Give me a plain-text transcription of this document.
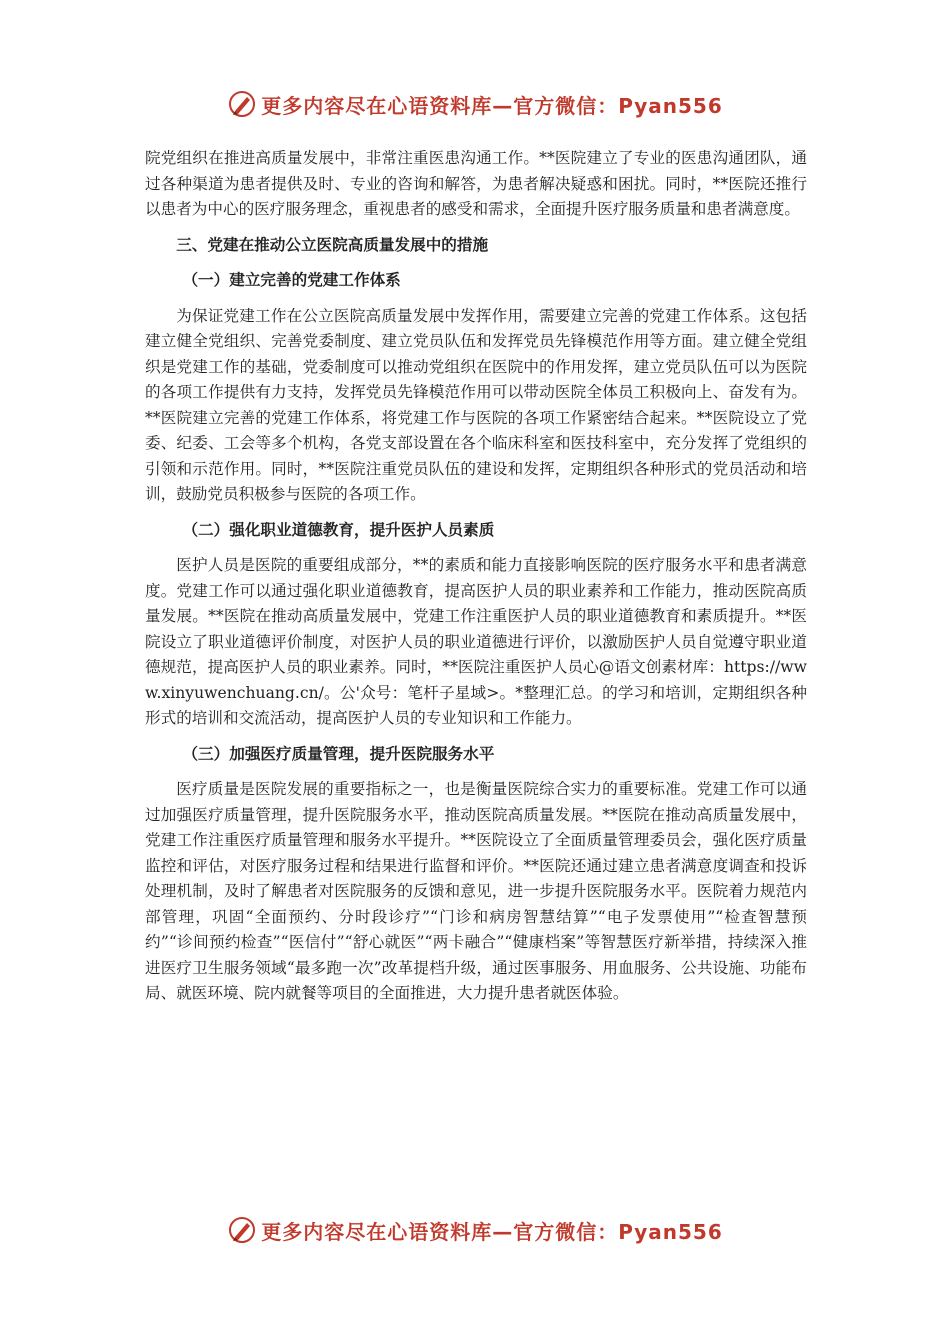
更多内容尽在心语资料库—官方微信：Pyan556

院党组织在推进高质量发展中，非常注重医患沟通工作。**医院建立了专业的医患沟通团队，通过各种渠道为患者提供及时、专业的咨询和解答，为患者解决疑惑和困扰。同时，**医院还推行以患者为中心的医疗服务理念，重视患者的感受和需求，全面提升医疗服务质量和患者满意度。

三、党建在推动公立医院高质量发展中的措施
（一）建立完善的党建工作体系

为保证党建工作在公立医院高质量发展中发挥作用，需要建立完善的党建工作体系。这包括建立健全党组织、完善党委制度、建立党员队伍和发挥党员先锋模范作用等方面。建立健全党组织是党建工作的基础，党委制度可以推动党组织在医院中的作用发挥，建立党员队伍可以为医院的各项工作提供有力支持，发挥党员先锋模范作用可以带动医院全体员工积极向上、奋发有为。**医院建立完善的党建工作体系，将党建工作与医院的各项工作紧密结合起来。**医院设立了党委、纪委、工会等多个机构，各党支部设置在各个临床科室和医技科室中，充分发挥了党组织的引领和示范作用。同时，**医院注重党员队伍的建设和发挥，定期组织各种形式的党员活动和培训，鼓励党员积极参与医院的各项工作。

（二）强化职业道德教育，提升医护人员素质

医护人员是医院的重要组成部分，**的素质和能力直接影响医院的医疗服务水平和患者满意度。党建工作可以通过强化职业道德教育，提高医护人员的职业素养和工作能力，推动医院高质量发展。**医院在推动高质量发展中，党建工作注重医护人员的职业道德教育和素质提升。**医院设立了职业道德评价制度，对医护人员的职业道德进行评价，以激励医护人员自觉遵守职业道德规范，提高医护人员的职业素养。同时，**医院注重医护人员心@语文创素材库：https://www.xinyuwenchuang.cn/。公'众号：笔杆子星域>。*整理汇总。的学习和培训，定期组织各种形式的培训和交流活动，提高医护人员的专业知识和工作能力。

（三）加强医疗质量管理，提升医院服务水平

医疗质量是医院发展的重要指标之一，也是衡量医院综合实力的重要标准。党建工作可以通过加强医疗质量管理，提升医院服务水平，推动医院高质量发展。**医院在推动高质量发展中，党建工作注重医疗质量管理和服务水平提升。**医院设立了全面质量管理委员会，强化医疗质量监控和评估，对医疗服务过程和结果进行监督和评价。**医院还通过建立患者满意度调查和投诉处理机制，及时了解患者对医院服务的反馈和意见，进一步提升医院服务水平。医院着力规范内部管理，巩固“全面预约、分时段诊疗”“门诊和病房智慧结算”“电子发票使用”“检查智慧预约”“诊间预约检查”“医信付”“舒心就医”“两卡融合”“健康档案”等智慧医疗新举措，持续深入推进医疗卫生服务领域“最多跑一次”改革提档升级，通过医事服务、用血服务、公共设施、功能布局、就医环境、院内就餐等项目的全面推进，大力提升患者就医体验。

更多内容尽在心语资料库—官方微信：Pyan556
